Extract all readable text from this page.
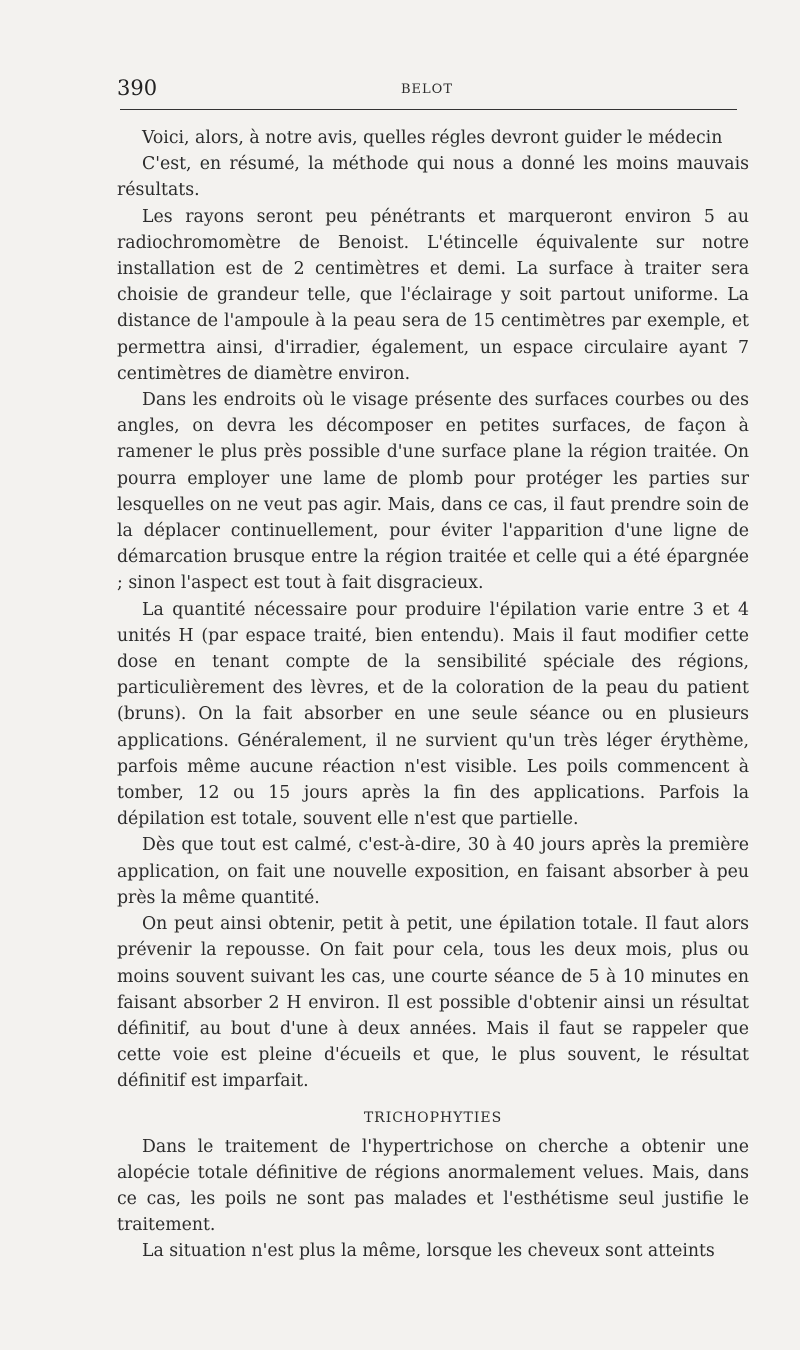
390	BELOT

Voici, alors, à notre avis, quelles régles devront guider le médecin

C'est, en résumé, la méthode qui nous a donné les moins mauvais résultats.

Les rayons seront peu pénétrants et marqueront environ 5 au radiochromomètre de Benoist. L'étincelle équivalente sur notre installation est de 2 centimètres et demi. La surface à traiter sera choisie de grandeur telle, que l'éclairage y soit partout uniforme. La distance de l'ampoule à la peau sera de 15 centimètres par exemple, et permettra ainsi, d'irradier, également, un espace circulaire ayant 7 centimètres de diamètre environ.

Dans les endroits où le visage présente des surfaces courbes ou des angles, on devra les décomposer en petites surfaces, de façon à ramener le plus près possible d'une surface plane la région traitée. On pourra employer une lame de plomb pour protéger les parties sur lesquelles on ne veut pas agir. Mais, dans ce cas, il faut prendre soin de la déplacer continuellement, pour éviter l'apparition d'une ligne de démarcation brusque entre la région traitée et celle qui a été épargnée ; sinon l'aspect est tout à fait disgracieux.

La quantité nécessaire pour produire l'épilation varie entre 3 et 4 unités H (par espace traité, bien entendu). Mais il faut modifier cette dose en tenant compte de la sensibilité spéciale des régions, particulièrement des lèvres, et de la coloration de la peau du patient (bruns). On la fait absorber en une seule séance ou en plusieurs applications. Généralement, il ne survient qu'un très léger érythème, parfois même aucune réaction n'est visible. Les poils commencent à tomber, 12 ou 15 jours après la fin des applications. Parfois la dépilation est totale, souvent elle n'est que partielle.

Dès que tout est calmé, c'est-à-dire, 30 à 40 jours après la première application, on fait une nouvelle exposition, en faisant absorber à peu près la même quantité.

On peut ainsi obtenir, petit à petit, une épilation totale. Il faut alors prévenir la repousse. On fait pour cela, tous les deux mois, plus ou moins souvent suivant les cas, une courte séance de 5 à 10 minutes en faisant absorber 2 H environ. Il est possible d'obtenir ainsi un résultat définitif, au bout d'une à deux années. Mais il faut se rappeler que cette voie est pleine d'écueils et que, le plus souvent, le résultat définitif est imparfait.

TRICHOPHYTIES

Dans le traitement de l'hypertrichose on cherche a obtenir une alopécie totale définitive de régions anormalement velues. Mais, dans ce cas, les poils ne sont pas malades et l'esthétisme seul justifie le traitement.

La situation n'est plus la même, lorsque les cheveux sont atteints
